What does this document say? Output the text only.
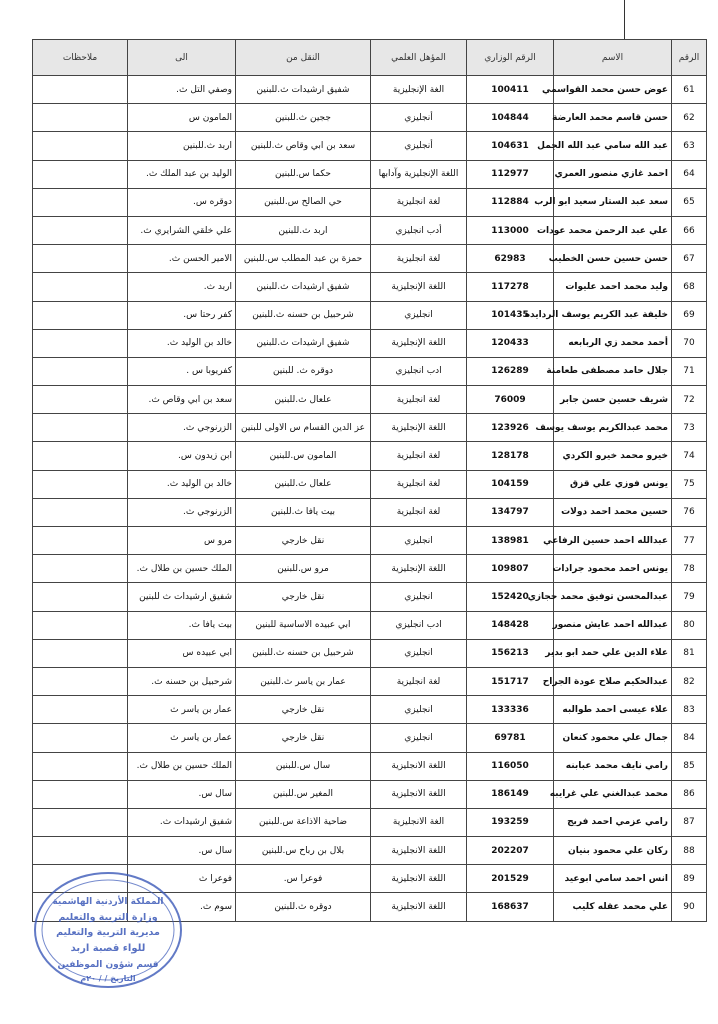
الرقم	الاسم	الرقم الوزاري	المؤهل العلمي	النقل من	الى	ملاحظات
61	عوض حسن محمد القواسمي	100411	الغة الإنجليزية	شفيق ارشيدات ث.للبنين	وصفي التل ث.	
62	حسن قاسم محمد العارضة	104844	أنجليزي	ججين ث.للبنين	المامون س	
63	عبد الله سامي عبد الله الجمل	104631	أنجليزي	سعد بن ابي وقاص ث.للبنين	اربد ث.للبنين	
64	احمد غازي منصور العمري	112977	اللغة الإنجليزية وآدابها	حكما س.للبنين	الوليد بن عبد الملك ث.	
65	سعد عبد الستار سعيد ابو الرب	112884	لغة انجليزية	حي الصالح س.للبنين	دوقره س.	
66	علي عبد الرحمن محمد عودات	113000	أدب انجليزي	اربد ث.للبنين	علي خلقي الشرايري ث.	
67	حسن حسين حسن الخطيب	62983	لغة انجليزية	حمزة بن عبد المطلب س.للبنين	الامير الحسن ث.	
68	وليد محمد احمد عليوات	117278	اللغة الإنجليزية	شفيق ارشيدات ث.للبنين	اربد ث.	
69	خليفة عبد الكريم يوسف الردايده	101435	انجليزي	شرحبيل بن حسنه ث.للبنين	كفر رحتا س.	
70	أحمد محمد زي الربابعه	120433	اللغة الإنجليزية	شفيق ارشيدات ث.للبنين	خالد بن الوليد ث.	
71	جلال حامد مصطفى طعامنة	126289	ادب انجليزي	دوقره ث. للبنين	كفريوبا س .	
72	شريف حسين حسن جابر	76009	لغة انجليزية	علعال ث.للبنين	سعد بن ابي وقاص ث.	
73	محمد عبدالكريم يوسف يوسف	123926	اللغة الإنجليزية	عز الدين القسام س الاولى للبنين	الزرنوجي ث.	
74	خيرو محمد خيرو الكردي	128178	لغة انجليزية	المامون س.للبنين	ابن زيدون س.	
75	يونس فوزي علي قزق	104159	لغة انجليزية	علعال ث.للبنين	خالد بن الوليد ث.	
76	حسين محمد احمد دولات	134797	لغة انجليزية	بيت يافا ث.للبنين	الزرنوجي ث.	
77	عبدالله احمد حسين الرفاعي	138981	انجليزي	نقل خارجي	مرو س	
78	يونس احمد محمود جرادات	109807	اللغة الإنجليزية	مرو س.للبنين	الملك حسين بن طلال ث.	
79	عبدالمحسن توفيق محمد حجازي	152420	انجليزي	نقل خارجي	شفيق ارشيدات ث للبنين	
80	عبدالله احمد عايش منصور	148428	ادب انجليزي	ابي عبيده الاساسية للبنين	بيت يافا ث.	
81	علاء الدين علي حمد ابو بدير	156213	انجليزي	شرحبيل بن حسنه ث.للبنين	ابي عبيده س	
82	عبدالحكيم صلاح عودة الجراح	151717	لغة انجليزية	عمار بن ياسر ث.للبنين	شرحبيل بن حسنه ث.	
83	علاء عيسى احمد طوالبه	133336	انجليزي	نقل خارجي	عمار بن ياسر ث	
84	جمال علي محمود كنعان	69781	انجليزي	نقل خارجي	عمار بن ياسر ث	
85	رامي نايف محمد عبابنه	116050	اللغة الانجليزية	سال س.للبنين	الملك حسين بن طلال ث.	
86	محمد عبدالغني علي غرايبه	186149	اللغة الانجليزية	المغير س.للبنين	سال س.	
87	رامي عزمي احمد فريج	193259	الغة الانجليزية	ضاحية الاذاعة س.للبنين	شفيق ارشيدات ث.	
88	ركان علي محمود بنيان	202207	اللغة الانجليزية	بلال بن رباح س.للبنين	سال س.	
89	انس احمد سامي ابوعيد	201529	اللغة الانجليزية	فوعرا س.	فوعرا ث	
90	علي محمد عقله كليب	168637	اللغة الانجليزية	دوقره ث.للبنين	سوم ث.	
المملكة الأردنية الهاشمية
وزارة التربية والتعليم
مديرية التربية والتعليم
للواء قصبة اربد
قسم شؤون الموظفين
التاريخ / / ٢٠م
